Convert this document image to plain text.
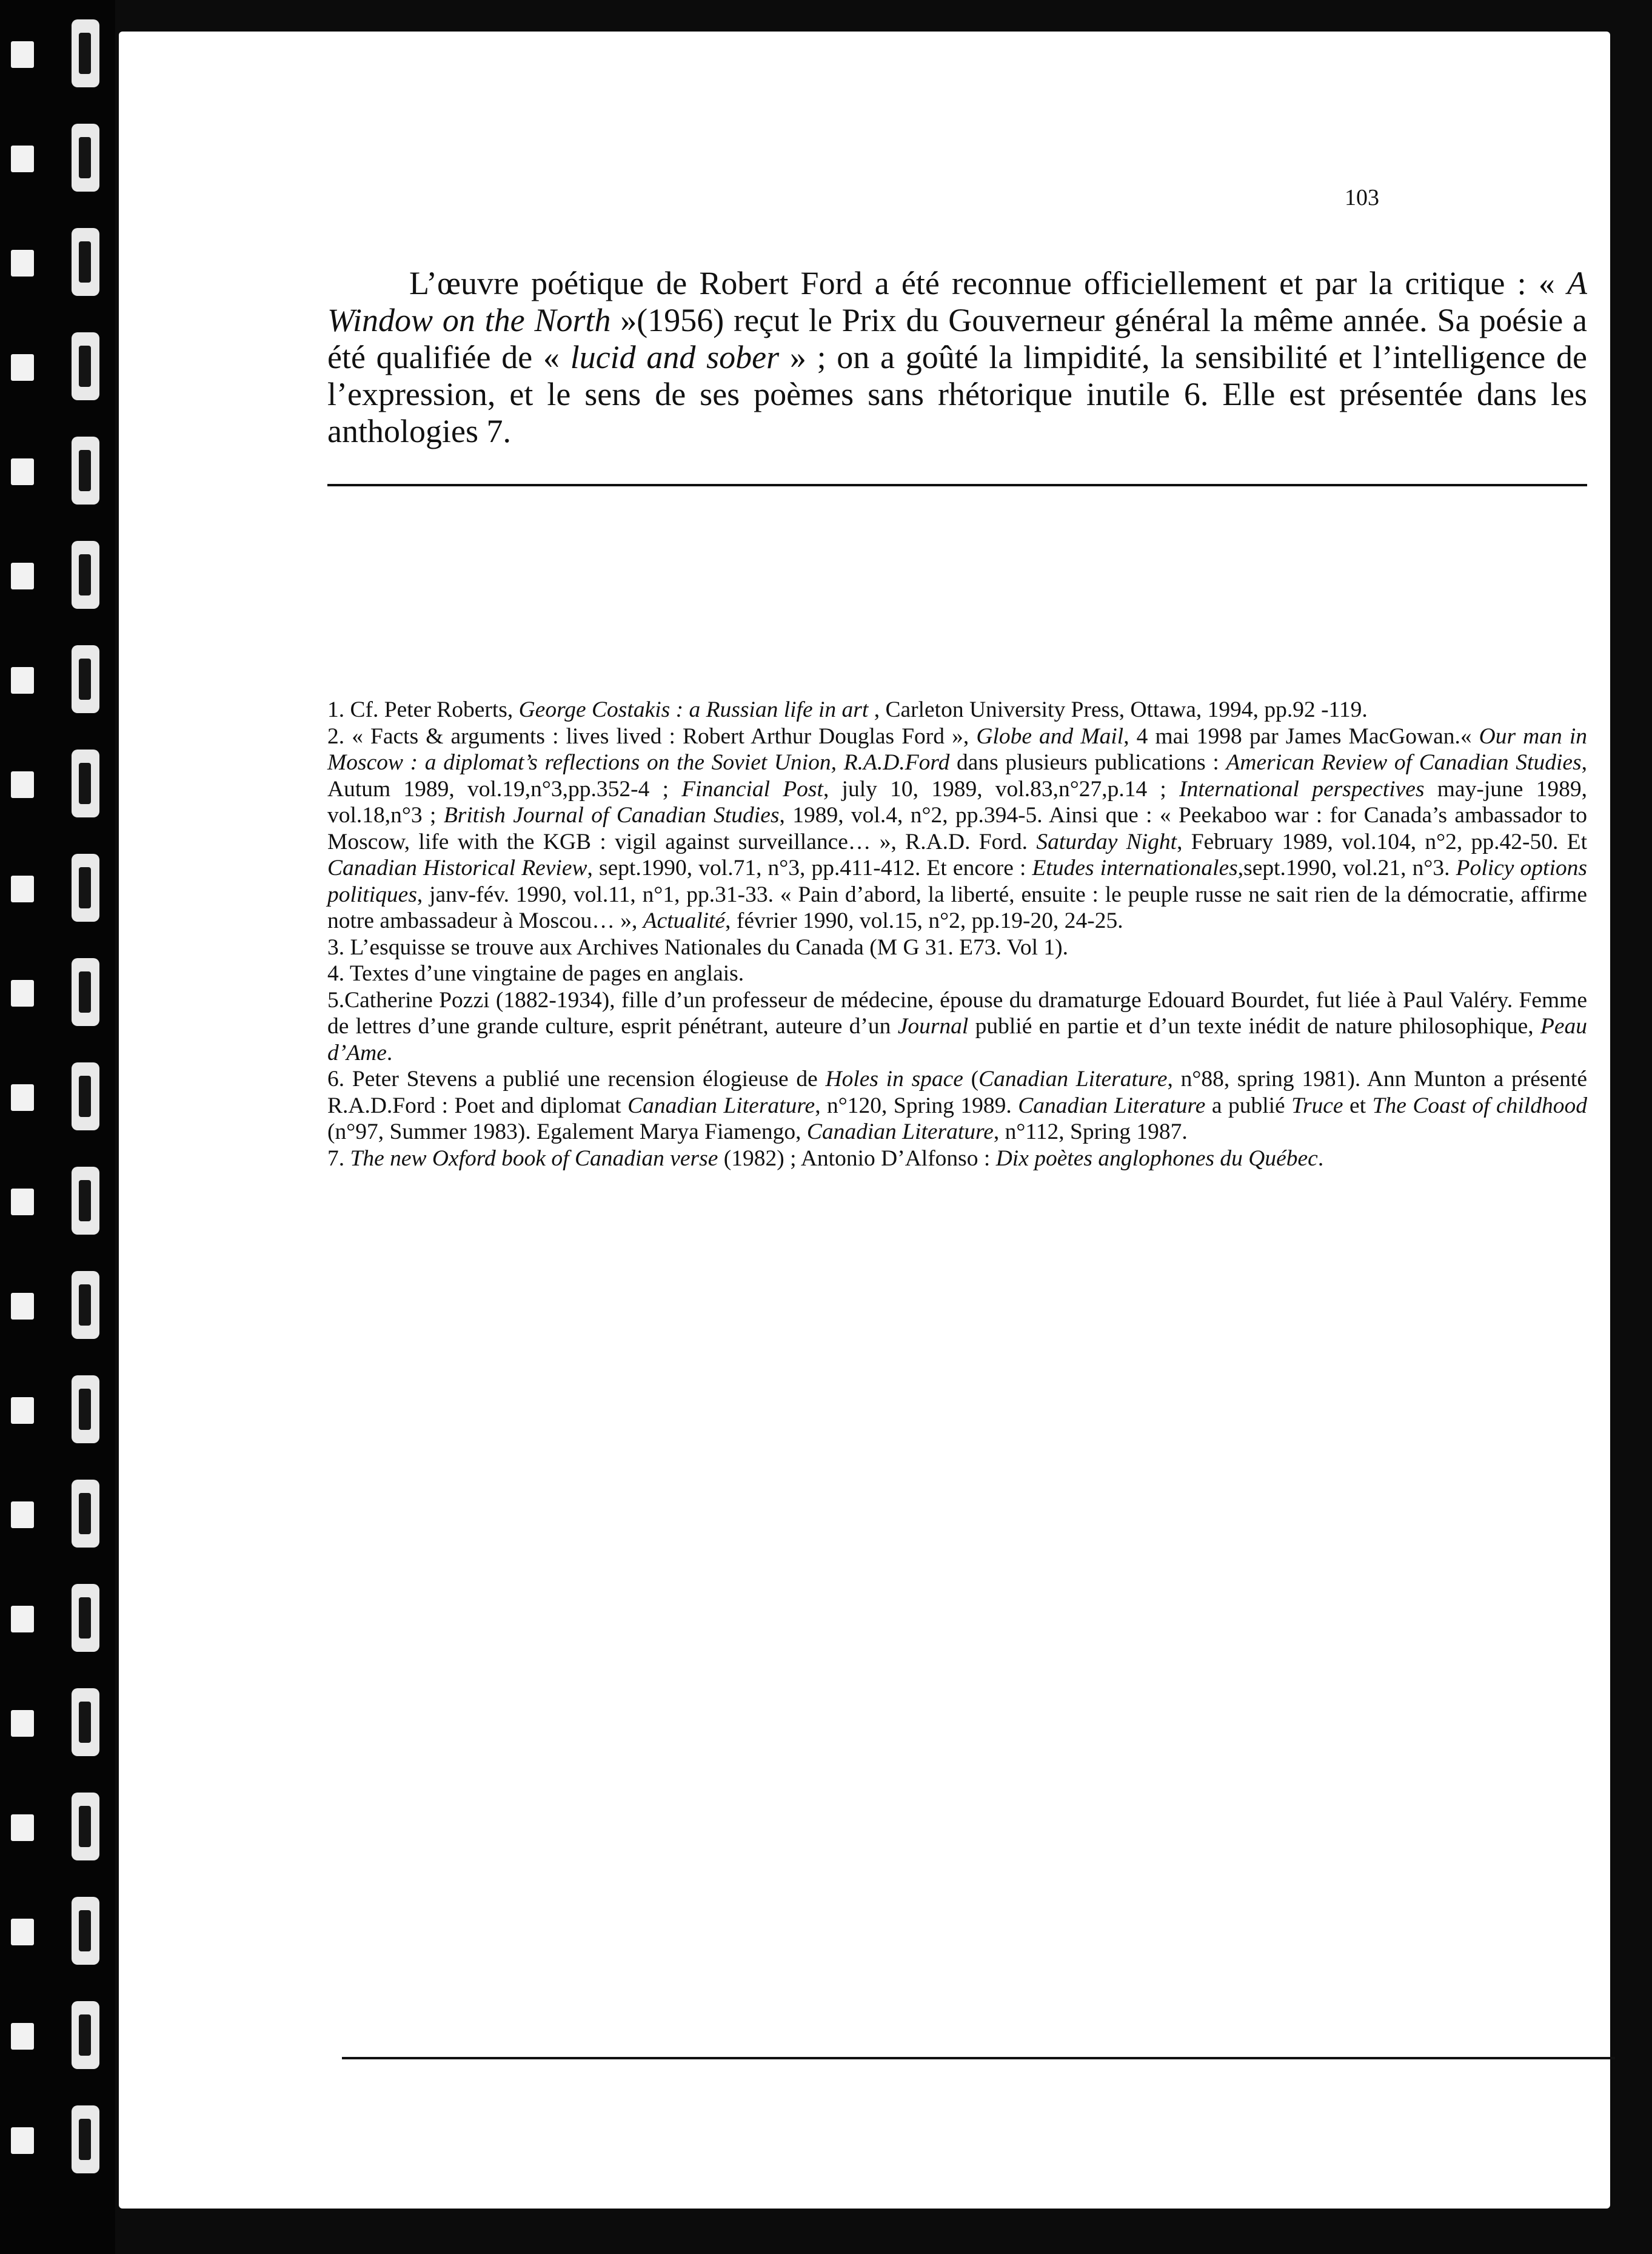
103

L’œuvre poétique de Robert Ford a été reconnue officiellement et par la critique : « A Window on the North »(1956) reçut le Prix du Gouverneur général la même année. Sa poésie a été qualifiée de « lucid and sober » ; on a goûté la limpidité, la sensibilité et l’intelligence de l’expression, et le sens de ses poèmes sans rhétorique inutile 6. Elle est présentée dans les anthologies 7.

1. Cf. Peter Roberts, George Costakis : a Russian life in art , Carleton University Press, Ottawa, 1994, pp.92 -119.

2. « Facts & arguments : lives lived : Robert Arthur Douglas Ford », Globe and Mail, 4 mai 1998 par James MacGowan.« Our man in Moscow : a diplomat’s reflections on the Soviet Union, R.A.D.Ford dans plusieurs publications : American Review of Canadian Studies, Autum 1989, vol.19,n°3,pp.352-4 ; Financial Post, july 10, 1989, vol.83,n°27,p.14 ; International perspectives may-june 1989, vol.18,n°3 ; British Journal of Canadian Studies, 1989, vol.4, n°2, pp.394-5. Ainsi que : « Peekaboo war : for Canada’s ambassador to Moscow, life with the KGB : vigil against surveillance… », R.A.D. Ford. Saturday Night, February 1989, vol.104, n°2, pp.42-50. Et Canadian Historical Review, sept.1990, vol.71, n°3, pp.411-412. Et encore : Etudes internationales,sept.1990, vol.21, n°3. Policy options politiques, janv-fév. 1990, vol.11, n°1, pp.31-33. « Pain d’abord, la liberté, ensuite : le peuple russe ne sait rien de la démocratie, affirme notre ambassadeur à Moscou… », Actualité, février 1990, vol.15, n°2, pp.19-20, 24-25.

3. L’esquisse se trouve aux Archives Nationales du Canada (M G 31. E73. Vol 1).

4. Textes d’une vingtaine de pages en anglais.

5.Catherine Pozzi (1882-1934), fille d’un professeur de médecine, épouse du dramaturge Edouard Bourdet, fut liée à Paul Valéry. Femme de lettres d’une grande culture, esprit pénétrant, auteure d’un Journal publié en partie et d’un texte inédit de nature philosophique, Peau d’Ame.

6. Peter Stevens a publié une recension élogieuse de Holes in space (Canadian Literature, n°88, spring 1981). Ann Munton a présenté R.A.D.Ford : Poet and diplomat Canadian Literature, n°120, Spring 1989. Canadian Literature a publié Truce et The Coast of childhood (n°97, Summer 1983). Egalement Marya Fiamengo, Canadian Literature, n°112, Spring 1987.

7. The new Oxford book of Canadian verse (1982) ; Antonio D’Alfonso : Dix poètes anglophones du Québec.
